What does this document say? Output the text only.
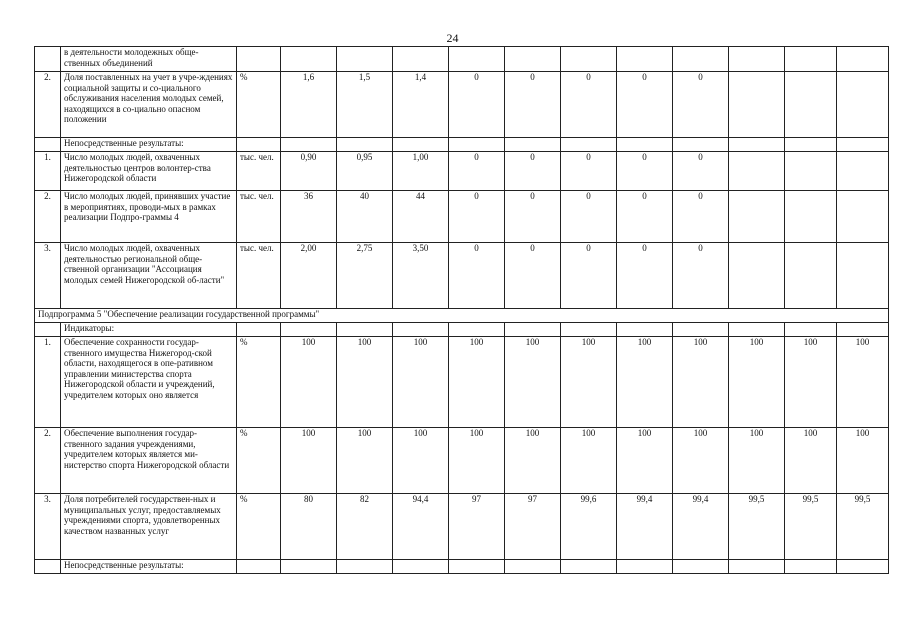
24
	в деятельности молодежных обще-ственных объединений												
2.	Доля поставленных на учет в учре-ждениях социальной защиты и со-циального обслуживания населения молодых семей, находящихся в со-циально опасном положении	%	1,6	1,5	1,4	0	0	0	0	0			
	Непосредственные результаты:												
1.	Число молодых людей, охваченных деятельностью центров волонтер-ства Нижегородской области	тыс. чел.	0,90	0,95	1,00	0	0	0	0	0			
2.	Число молодых людей, принявших участие в мероприятиях, проводи-мых в рамках реализации Подпро-граммы 4	тыс. чел.	36	40	44	0	0	0	0	0			
3.	Число молодых людей, охваченных деятельностью региональной обще-ственной организации "Ассоциация молодых семей Нижегородской об-ласти"	тыс. чел.	2,00	2,75	3,50	0	0	0	0	0			
Подпрограмма 5 "Обеспечение реализации государственной программы"													
	Индикаторы:												
1.	Обеспечение сохранности государ-ственного имущества Нижегород-ской области, находящегося в опе-ративном управлении министерства спорта Нижегородской области и учреждений, учредителем которых оно является	%	100	100	100	100	100	100	100	100	100	100	100
2.	Обеспечение выполнения государ-ственного задания учреждениями, учредителем которых является ми-нистерство спорта Нижегородской области	%	100	100	100	100	100	100	100	100	100	100	100
3.	Доля потребителей государствен-ных и муниципальных услуг, предоставляемых учреждениями спорта, удовлетворенных качеством названных услуг	%	80	82	94,4	97	97	99,6	99,4	99,4	99,5	99,5	99,5
	Непосредственные результаты:												
